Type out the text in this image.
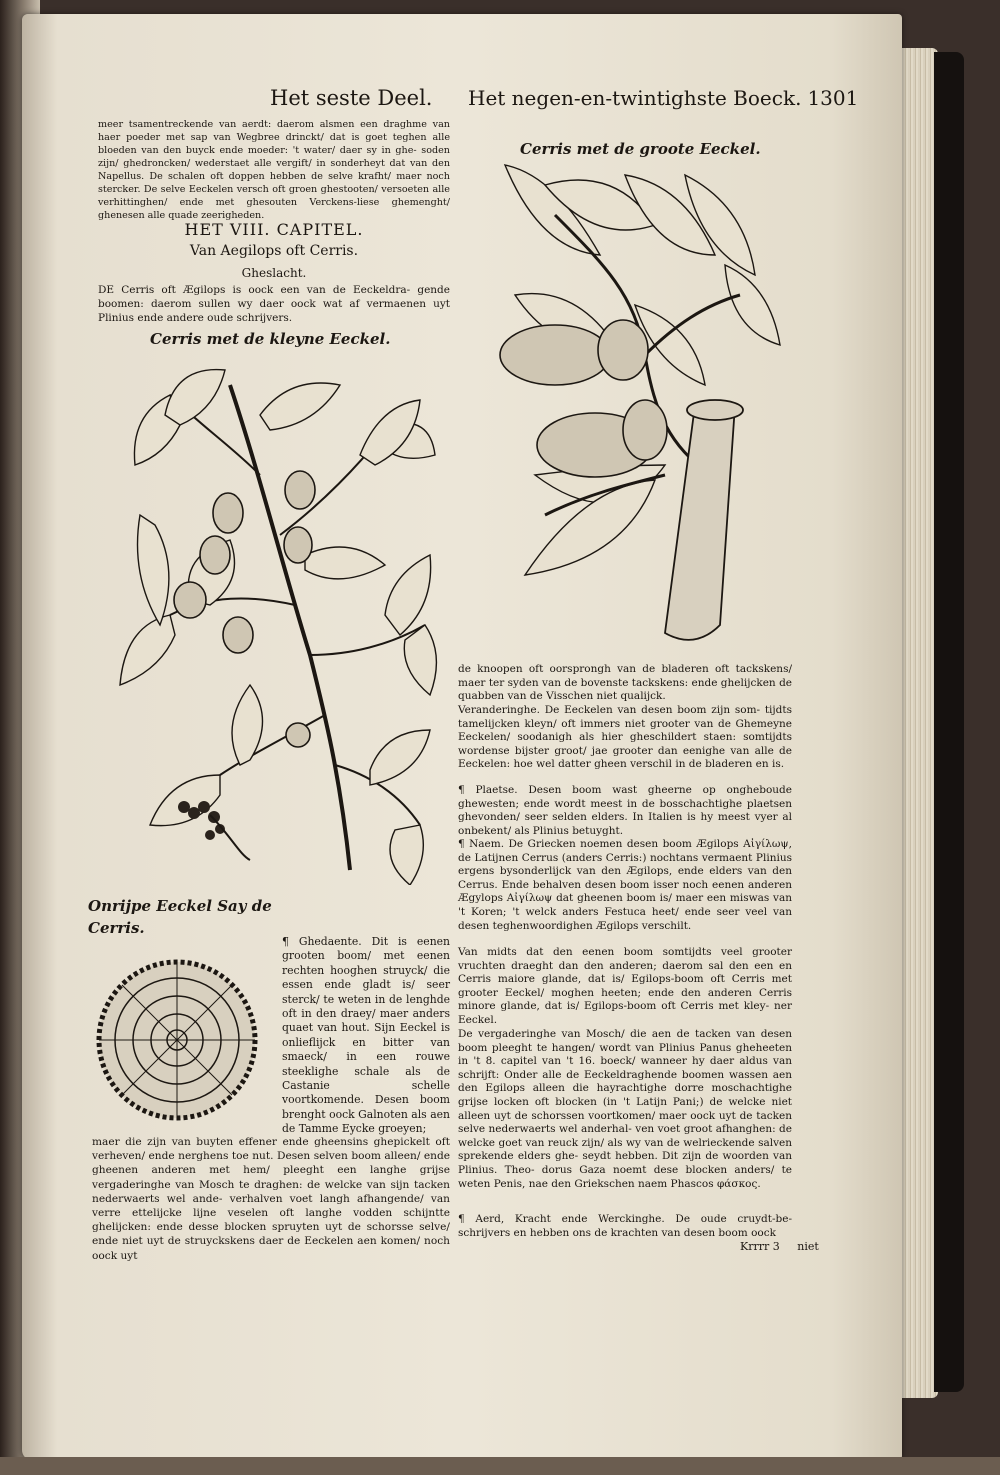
Het seste Deel. Het negen-en-twintighste Boeck. 1301

meer tsamentreckende van aerdt: daerom alsmen een draghme van haer poeder met sap van Wegbree drinckt/ dat is goet teghen alle bloeden van den buyck ende moeder: 't water/ daer sy in ghe- soden zijn/ ghedroncken/ wederstaet alle vergift/ in sonderheyt dat van den Napellus. De schalen oft doppen hebben de selve krafht/ maer noch stercker. De selve Eeckelen versch oft groen ghestooten/ versoeten alle verhittinghen/ ende met ghesouten Verckens-liese ghemenght/ ghenesen alle quade zeerigheden.

HET VIII. CAPITEL.
Van Aegilops oft Cerris.
Gheslacht.

DE Cerris oft Ægilops is oock een van de Eeckeldra- gende boomen: daerom sullen wy daer oock wat af vermaenen uyt Plinius ende andere oude schrijvers.

Cerris met de kleyne Eeckel.
Onrijpe Eeckel Say de Cerris.

¶ Ghedaente. Dit is eenen grooten boom/ met eenen rechten hooghen struyck/ die essen ende gladt is/ seer sterck/ te weten in de lenghde oft in den draey/ maer anders quaet van hout. Sijn Eeckel is onlieflijck en bitter van smaeck/ in een rouwe steeklighe schale als de Castanie schelle voortkomende. Desen boom brenght oock Galnoten als aen de Tamme Eycke groeyen;

maer die zijn van buyten effener ende gheensins ghepickelt oft verheven/ ende nerghens toe nut. Desen selven boom alleen/ ende gheenen anderen met hem/ pleeght een langhe grijse vergaderinghe van Mosch te draghen: de welcke van sijn tacken nederwaerts wel ande- verhalven voet langh afhangende/ van verre ettelijcke lijne veselen oft langhe vodden schijntte ghelijcken: ende desse blocken spruyten uyt de schorsse selve/ ende niet uyt de struyckskens daer de Eeckelen aen komen/ noch oock uyt

Cerris met de groote Eeckel.

de knoopen oft oorsprongh van de bladeren oft tackskens/ maer ter syden van de bovenste tackskens: ende ghelijcken de quabben van de Visschen niet qualijck.

Veranderinghe. De Eeckelen van desen boom zijn som- tijdts tamelijcken kleyn/ oft immers niet grooter van de Ghemeyne Eeckelen/ soodanigh als hier gheschildert staen: somtijdts wordense bijster groot/ jae grooter dan eenighe van alle de Eeckelen: hoe wel datter gheen verschil in de bladeren en is.

¶ Plaetse. Desen boom wast gheerne op ongheboude ghewesten; ende wordt meest in de bosschachtighe plaetsen ghevonden/ seer selden elders. In Italien is hy meest vyer al onbekent/ als Plinius betuyght.

¶ Naem. De Griecken noemen desen boom Ægilops Αἰγίλωψ, de Latijnen Cerrus (anders Cerris:) nochtans vermaent Plinius ergens bysonderlijck van den Ægilops, ende elders van den Cerrus. Ende behalven desen boom isser noch eenen anderen Ægylops Αἰγίλωψ dat gheenen boom is/ maer een miswas van 't Koren; 't welck anders Festuca heet/ ende seer veel van desen teghenwoordighen Ægilops verschilt.

Van midts dat den eenen boom somtijdts veel grooter vruchten draeght dan den anderen; daerom sal den een en Cerris maiore glande, dat is/ Egilops-boom oft Cerris met grooter Eeckel/ moghen heeten; ende den anderen Cerris minore glande, dat is/ Egilops-boom oft Cerris met kley- ner Eeckel.

De vergaderinghe van Mosch/ die aen de tacken van desen boom pleeght te hangen/ wordt van Plinius Panus gheheeten in 't 8. capitel van 't 16. boeck/ wanneer hy daer aldus van schrijft: Onder alle de Eeckeldraghende boomen wassen aen den Egilops alleen die hayrachtighe dorre moschachtighe grijse locken oft blocken (in 't Latijn Pani;) de welcke niet alleen uyt de schorssen voortkomen/ maer oock uyt de tacken selve nederwaerts wel anderhal- ven voet groot afhanghen: de welcke goet van reuck zijn/ als wy van de welrieckende salven sprekende elders ghe- seydt hebben. Dit zijn de woorden van Plinius. Theo- dorus Gaza noemt dese blocken anders/ te weten Penis, nae den Griekschen naem Phascos φάσκος.

¶ Aerd, Kracht ende Werckinghe. De oude cruydt-be- schrijvers en hebben ons de krachten van desen boom oock

Krrrr 3 niet
